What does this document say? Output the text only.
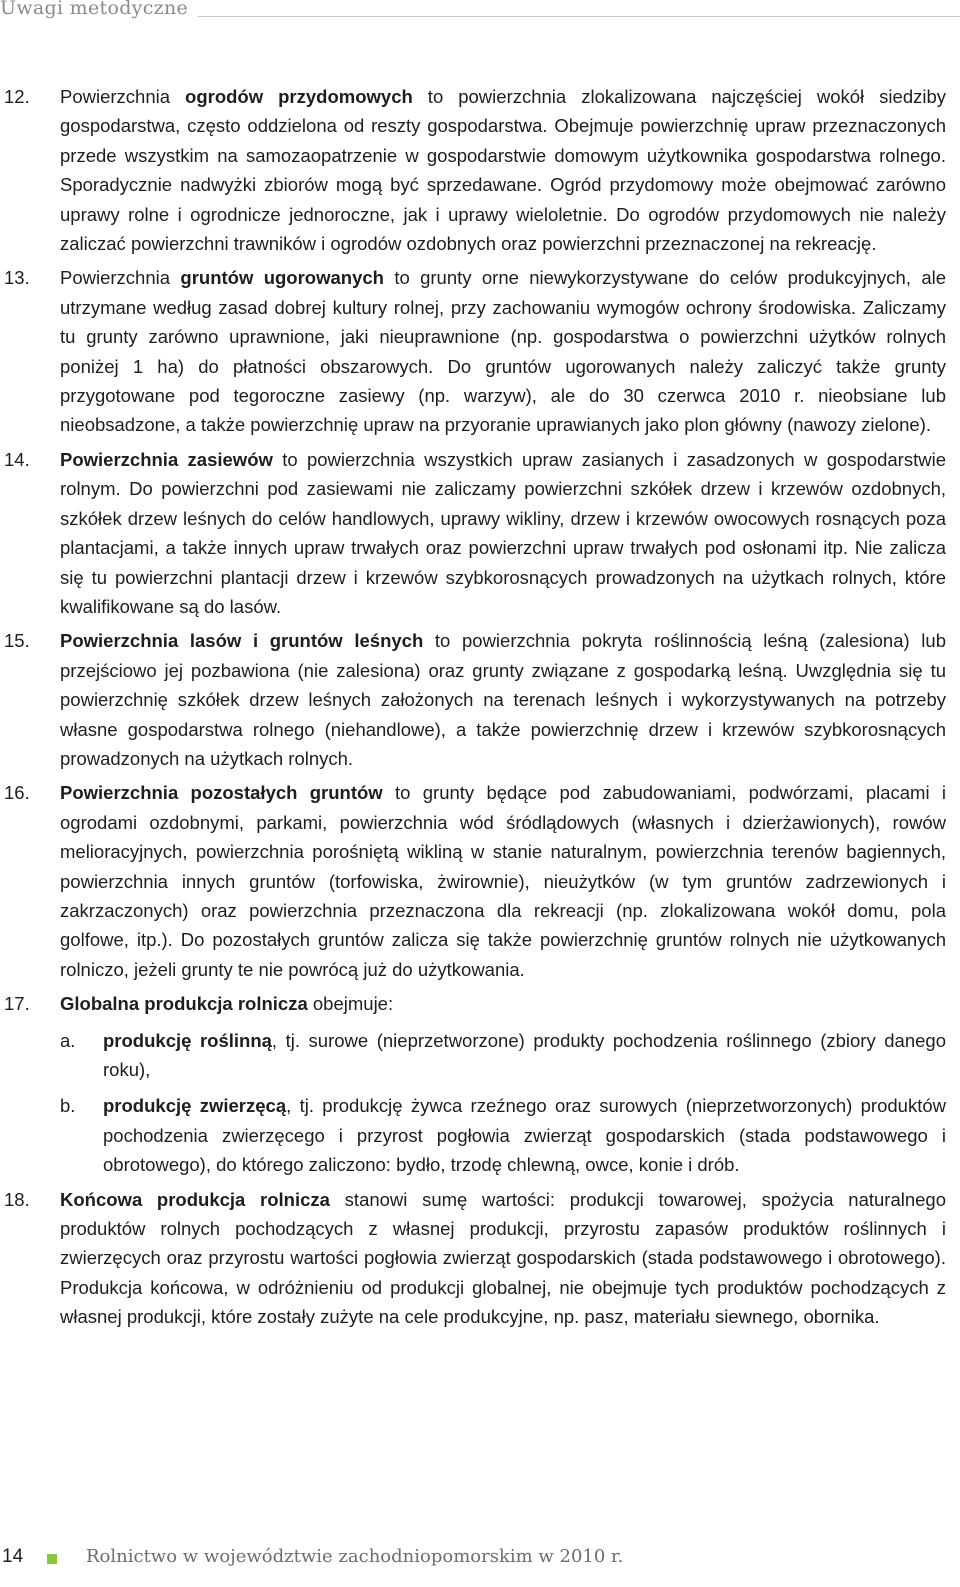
Uwagi metodyczne
12. Powierzchnia ogrodów przydomowych to powierzchnia zlokalizowana najczęściej wokół siedziby gospodarstwa, często oddzielona od reszty gospodarstwa. Obejmuje powierzchnię upraw przeznaczonych przede wszystkim na samozaopatrzenie w gospodarstwie domowym użytkownika gospodarstwa rolnego. Sporadycznie nadwyżki zbiorów mogą być sprzedawane. Ogród przydomowy może obejmować zarówno uprawy rolne i ogrodnicze jednoroczne, jak i uprawy wieloletnie. Do ogrodów przydomowych nie należy zaliczać powierzchni trawników i ogrodów ozdobnych oraz powierzchni przeznaczonej na rekreację.

13. Powierzchnia gruntów ugorowanych to grunty orne niewykorzystywane do celów produkcyjnych, ale utrzymane według zasad dobrej kultury rolnej, przy zachowaniu wymogów ochrony środowiska. Zaliczamy tu grunty zarówno uprawnione, jaki nieuprawnione (np. gospodarstwa o powierzchni użytków rolnych poniżej 1 ha) do płatności obszarowych. Do gruntów ugorowanych należy zaliczyć także grunty przygotowane pod tegoroczne zasiewy (np. warzyw), ale do 30 czerwca 2010 r. nieobsiane lub nieobsadzone, a także powierzchnię upraw na przyoranie uprawianych jako plon główny (nawozy zielone).

14. Powierzchnia zasiewów to powierzchnia wszystkich upraw zasianych i zasadzonych w gospodarstwie rolnym. Do powierzchni pod zasiewami nie zaliczamy powierzchni szkółek drzew i krzewów ozdobnych, szkółek drzew leśnych do celów handlowych, uprawy wikliny, drzew i krzewów owocowych rosnących poza plantacjami, a także innych upraw trwałych oraz powierzchni upraw trwałych pod osłonami itp. Nie zalicza się tu powierzchni plantacji drzew i krzewów szybkorosnących prowadzonych na użytkach rolnych, które kwalifikowane są do lasów.

15. Powierzchnia lasów i gruntów leśnych to powierzchnia pokryta roślinnością leśną (zalesiona) lub przejściowo jej pozbawiona (nie zalesiona) oraz grunty związane z gospodarką leśną. Uwzględnia się tu powierzchnię szkółek drzew leśnych założonych na terenach leśnych i wykorzystywanych na potrzeby własne gospodarstwa rolnego (niehandlowe), a także powierzchnię drzew i krzewów szybkorosnących prowadzonych na użytkach rolnych.

16. Powierzchnia pozostałych gruntów to grunty będące pod zabudowaniami, podwórzami, placami i ogrodami ozdobnymi, parkami, powierzchnia wód śródlądowych (własnych i dzierżawionych), rowów melioracyjnych, powierzchnia porośniętą wikliną w stanie naturalnym, powierzchnia terenów bagiennych, powierzchnia innych gruntów (torfowiska, żwirownie), nieużytków (w tym gruntów zadrzewionych i zakrzaczonych) oraz powierzchnia przeznaczona dla rekreacji (np. zlokalizowana wokół domu, pola golfowe, itp.). Do pozostałych gruntów zalicza się także powierzchnię gruntów rolnych nie użytkowanych rolniczo, jeżeli grunty te nie powrócą już do użytkowania.

17. Globalna produkcja rolnicza obejmuje:

a. produkcję roślinną, tj. surowe (nieprzetworzone) produkty pochodzenia roślinnego (zbiory danego roku),

b. produkcję zwierzęcą, tj. produkcję żywca rzeźnego oraz surowych (nieprzetworzonych) produktów pochodzenia zwierzęcego i przyrost pogłowia zwierząt gospodarskich (stada podstawowego i obrotowego), do którego zaliczono: bydło, trzodę chlewną, owce, konie i drób.

18. Końcowa produkcja rolnicza stanowi sumę wartości: produkcji towarowej, spożycia naturalnego produktów rolnych pochodzących z własnej produkcji, przyrostu zapasów produktów roślinnych i zwierzęcych oraz przyrostu wartości pogłowia zwierząt gospodarskich (stada podstawowego i obrotowego). Produkcja końcowa, w odróżnieniu od produkcji globalnej, nie obejmuje tych produktów pochodzących z własnej produkcji, które zostały zużyte na cele produkcyjne, np. pasz, materiału siewnego, obornika.

14	Rolnictwo w województwie zachodniopomorskim w 2010 r.
